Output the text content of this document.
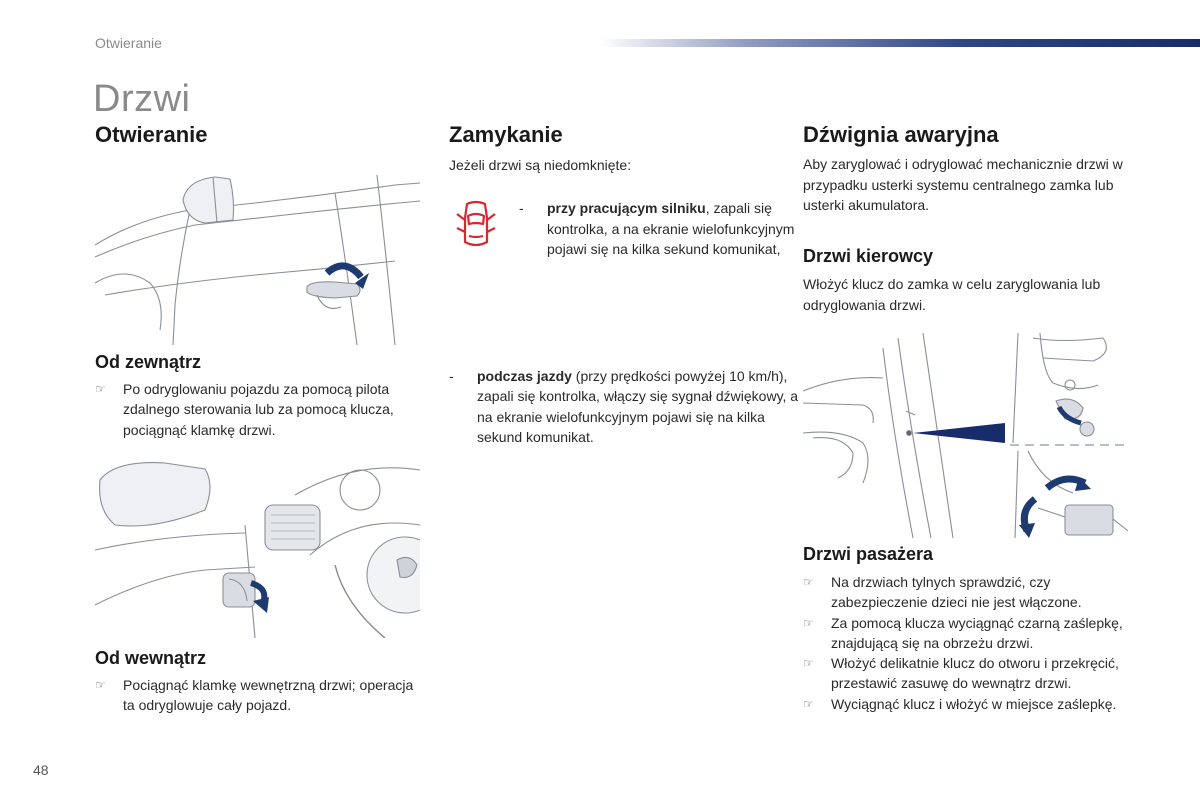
Otwieranie
Drzwi
Otwieranie
Od zewnątrz
☞ Po odryglowaniu pojazdu za pomocą pilota zdalnego sterowania lub za pomocą klucza, pociągnąć klamkę drzwi.
Od wewnątrz
☞ Pociągnąć klamkę wewnętrzną drzwi; operacja ta odryglowuje cały pojazd.
Zamykanie

Jeżeli drzwi są niedomknięte:

- przy pracującym silniku, zapali się kontrolka, a na ekranie wielofunkcyjnym pojawi się na kilka sekund komunikat,
- podczas jazdy (przy prędkości powyżej 10 km/h), zapali się kontrolka, włączy się sygnał dźwiękowy, a na ekranie wielofunkcyjnym pojawi się na kilka sekund komunikat.
Dźwignia awaryjna

Aby zaryglować i odryglować mechanicznie drzwi w przypadku usterki systemu centralnego zamka lub usterki akumulatora.

Drzwi kierowcy

Włożyć klucz do zamka w celu zaryglowania lub odryglowania drzwi.

Drzwi pasażera
☞ Na drzwiach tylnych sprawdzić, czy zabezpieczenie dzieci nie jest włączone.
☞ Za pomocą klucza wyciągnąć czarną zaślepkę, znajdującą się na obrzeżu drzwi.
☞ Włożyć delikatnie klucz do otworu i przekręcić, przestawić zasuwę do wewnątrz drzwi.
☞ Wyciągnąć klucz i włożyć w miejsce zaślepkę.
48
